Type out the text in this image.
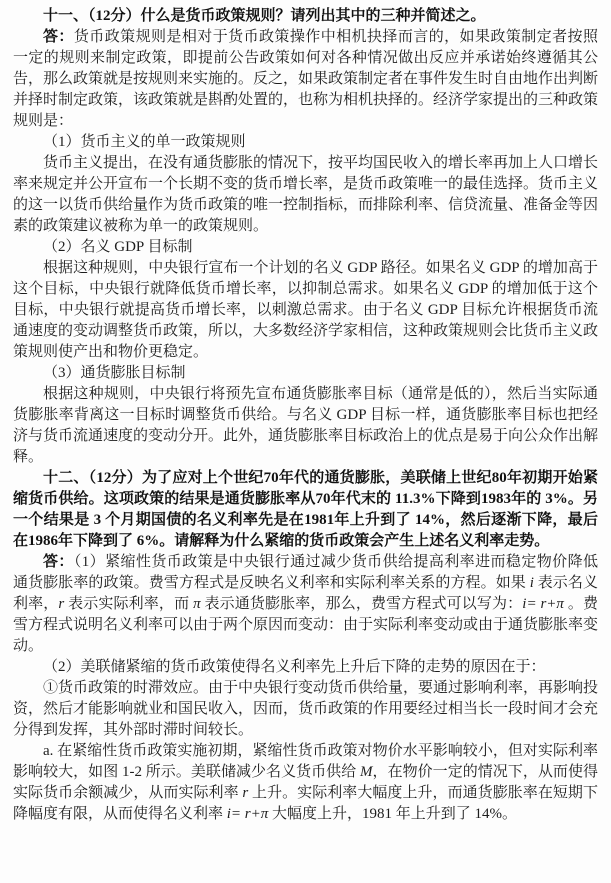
十一、（12分）什么是货币政策规则？请列出其中的三种并简述之。

答：货币政策规则是相对于货币政策操作中相机抉择而言的，如果政策制定者按照一定的规则来制定政策，即提前公告政策如何对各种情况做出反应并承诺始终遵循其公告，那么政策就是按规则来实施的。反之，如果政策制定者在事件发生时自由地作出判断并择时制定政策，该政策就是斟酌处置的，也称为相机抉择的。经济学家提出的三种政策规则是：

（1）货币主义的单一政策规则

货币主义提出，在没有通货膨胀的情况下，按平均国民收入的增长率再加上人口增长率来规定并公开宣布一个长期不变的货币增长率，是货币政策唯一的最佳选择。货币主义的这一以货币供给量作为货币政策的唯一控制指标，而排除利率、信贷流量、准备金等因素的政策建议被称为单一的政策规则。

（2）名义 GDP 目标制

根据这种规则，中央银行宣布一个计划的名义 GDP 路径。如果名义 GDP 的增加高于这个目标，中央银行就降低货币增长率，以抑制总需求。如果名义 GDP 的增加低于这个目标，中央银行就提高货币增长率，以刺激总需求。由于名义 GDP 目标允许根据货币流通速度的变动调整货币政策，所以，大多数经济学家相信，这种政策规则会比货币主义政策规则使产出和物价更稳定。

（3）通货膨胀目标制

根据这种规则，中央银行将预先宣布通货膨胀率目标（通常是低的），然后当实际通货膨胀率背离这一目标时调整货币供给。与名义 GDP 目标一样，通货膨胀率目标也把经济与货币流通速度的变动分开。此外，通货膨胀率目标政治上的优点是易于向公众作出解释。

十二、（12分）为了应对上个世纪70年代的通货膨胀，美联储上世纪80年初期开始紧缩货币供给。这项政策的结果是通货膨胀率从70年代末的 11.3%下降到1983年的 3%。另一个结果是 3 个月期国债的名义利率先是在1981年上升到了 14%，然后逐渐下降，最后在1986年下降到了 6%。请解释为什么紧缩的货币政策会产生上述名义利率走势。

答：（1）紧缩性货币政策是中央银行通过减少货币供给提高利率进而稳定物价降低通货膨胀率的政策。费雪方程式是反映名义利率和实际利率关系的方程。如果 i 表示名义利率，r 表示实际利率，而 π 表示通货膨胀率，那么，费雪方程式可以写为：i= r+π 。费雪方程式说明名义利率可以由于两个原因而变动：由于实际利率变动或由于通货膨胀率变动。

（2）美联储紧缩的货币政策使得名义利率先上升后下降的走势的原因在于：

①货币政策的时滞效应。由于中央银行变动货币供给量，要通过影响利率，再影响投资，然后才能影响就业和国民收入，因而，货币政策的作用要经过相当长一段时间才会充分得到发挥，其外部时滞时间较长。

a. 在紧缩性货币政策实施初期，紧缩性货币政策对物价水平影响较小，但对实际利率影响较大，如图 1-2 所示。美联储减少名义货币供给 M，在物价一定的情况下，从而使得实际货币余额减少，从而实际利率 r 上升。实际利率大幅度上升，而通货膨胀率在短期下降幅度有限，从而使得名义利率 i= r+π 大幅度上升，1981 年上升到了 14%。
